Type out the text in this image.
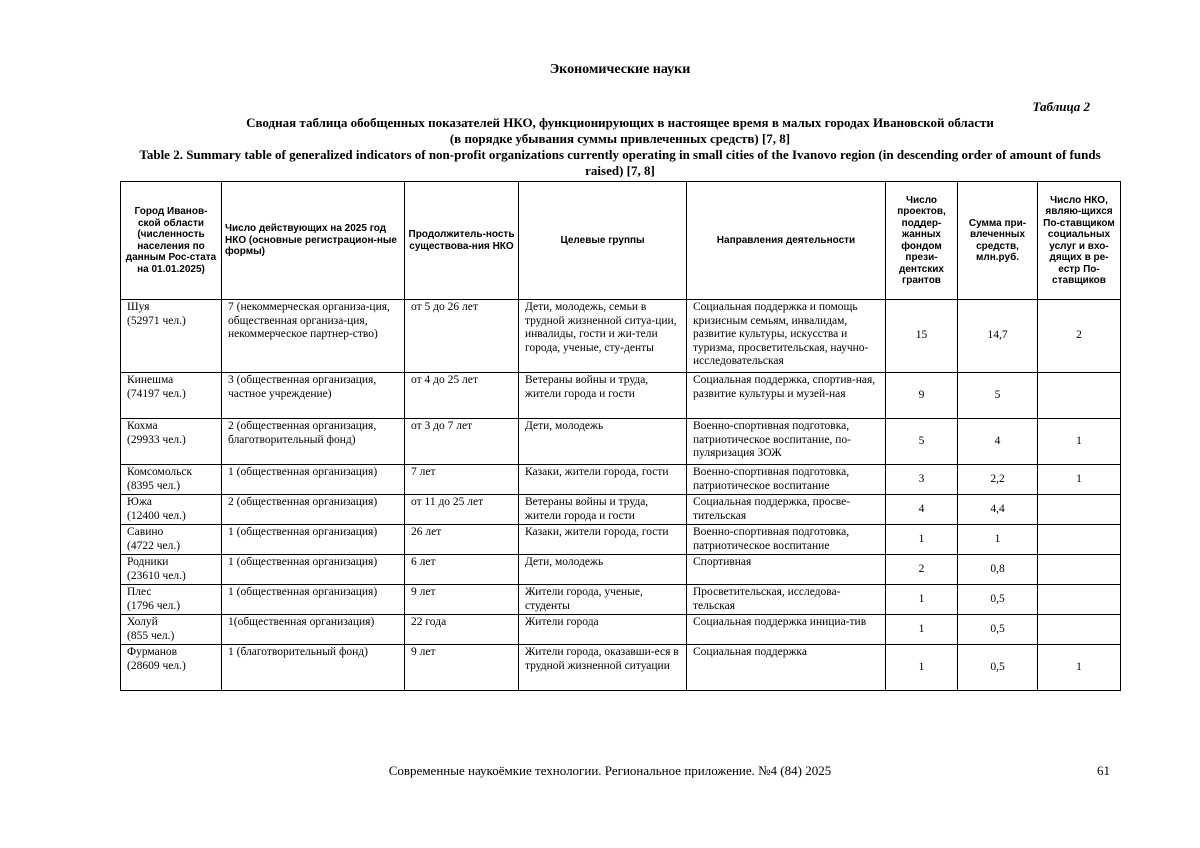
Экономические науки
Таблица 2
Сводная таблица обобщенных показателей НКО, функционирующих в настоящее время в малых городах Ивановской области
(в порядке убывания суммы привлеченных средств) [7, 8]
Table 2. Summary table of generalized indicators of non-profit organizations currently operating in small cities of the Ivanovo region (in descending order of amount of funds raised) [7, 8]
Город Иванов-ской области (численность населения по данным Рос-стата на 01.01.2025)	Число действующих на 2025 год НКО (основные регистрацион-ные формы)	Продолжитель-ность существова-ния НКО	Целевые группы	Направления деятельности	Число проектов, поддер-жанных фондом прези-дентских грантов	Сумма при-влеченных средств, млн.руб.	Число НКО, являю-щихся По-ставщиком социальных услуг и вхо-дящих в ре-естр По-ставщиков

Шуя
(52971 чел.)	7 (некоммерческая организа-ция, общественная организа-ция, некоммерческое партнер-ство)	от 5 до 26 лет	Дети, молодежь, семьи в трудной жизненной ситуа-ции, инвалиды, гости и жи-тели города, ученые, сту-денты	Социальная поддержка и помощь кризисным семьям, инвалидам, развитие культуры, искусства и туризма, просветительская, научно-исследовательская	15	14,7	2

Кинешма
(74197 чел.)	3 (общественная организация, частное учреждение)	от 4 до 25 лет	Ветераны войны и труда, жители города и гости	Социальная поддержка, спортив-ная, развитие культуры и музей-ная	9	5	

Кохма
(29933 чел.)	2 (общественная организация, благотворительный фонд)	от 3 до 7 лет	Дети, молодежь	Военно-спортивная подготовка, патриотическое воспитание, по-пуляризация ЗОЖ	5	4	1

Комсомольск
(8395 чел.)	1 (общественная организация)	7 лет	Казаки, жители города, гости	Военно-спортивная подготовка, патриотическое воспитание	3	2,2	1

Южа
(12400 чел.)	2 (общественная организация)	от 11 до 25 лет	Ветераны войны и труда, жители города и гости	Социальная поддержка, просве-тительская	4	4,4	

Савино
(4722 чел.)	1 (общественная организация)	26 лет	Казаки, жители города, гости	Военно-спортивная подготовка, патриотическое воспитание	1	1	

Родники
(23610 чел.)	1 (общественная организация)	6 лет	Дети, молодежь	Спортивная	2	0,8	

Плес
(1796 чел.)	1 (общественная организация)	9 лет	Жители города, ученые, студенты	Просветительская, исследова-тельская	1	0,5	

Холуй
(855 чел.)	1(общественная организация)	22 года	Жители города	Социальная поддержка инициа-тив	1	0,5	

Фурманов
(28609 чел.)	1 (благотворительный фонд)	9 лет	Жители города, оказавши-еся в трудной жизненной ситуации	Социальная поддержка	1	0,5	1
Современные наукоёмкие технологии. Региональное приложение. №4 (84) 2025	61
